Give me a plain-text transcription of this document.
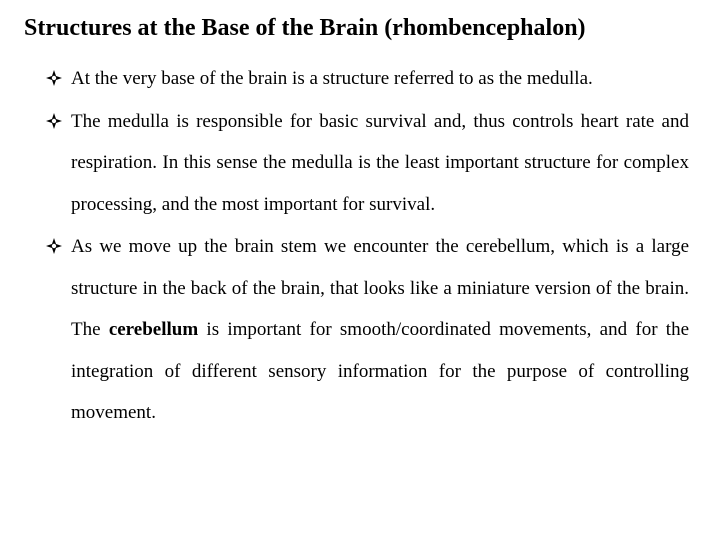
Structures at the Base of the Brain (rhombencephalon)
At the very base of the brain is a structure referred to as the medulla.
The medulla is responsible for basic survival and, thus controls heart rate and respiration. In this sense the medulla is the least important structure for complex processing, and the most important for survival.
As we move up the brain stem we encounter the cerebellum, which is a large structure in the back of the brain, that looks like a miniature version of the brain. The cerebellum is important for smooth/coordinated movements, and for the integration of different sensory information for the purpose of controlling movement.
